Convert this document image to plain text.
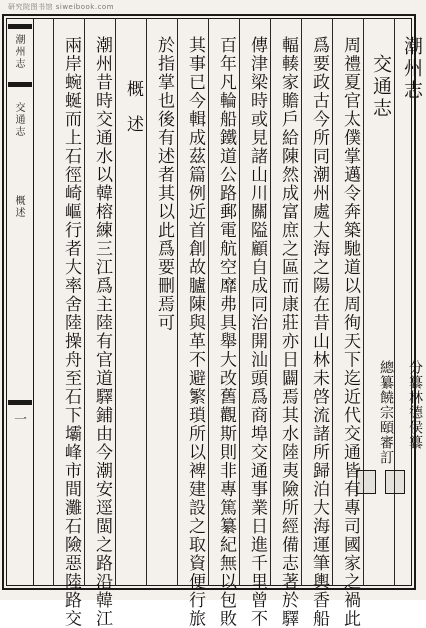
研究院图书馆 siweibook.com
潮州志
交通志
概述
一
潮州志
交通志
周禮夏官太僕掌邁令奔築馳道以周徇天下迄近代交通皆有專司國家之禍此
爲要政古今所同潮州處大海之陽在昔山林未啓流諸所歸泊大海運筆輿香船
輻輳家贍戶給陳然成富庶之區而康莊亦日闢焉其水陸夷險所經備志著於驛
傳津梁時或見諸山川關隘顧自成同治開汕頭爲商埠交通事業日進千里曾不
百年凡輪船鐵道公路郵電航空靡弗具舉大改舊觀斯則非專篤纂紀無以包敗
其事已今輯成茲篇例近首創故臚陳與革不避繁瑣所以裨建設之取資便行旅
於指掌也後有述者其以此爲要刪焉可
概述
潮州昔時交通水以韓榕練三江爲主陸有官道驛鋪由今潮安逕閩之路沿韓江
兩岸蜿蜒而上石徑崎嶇行者大率舍陸操舟至石下壩峰市間灘石險惡陸路交	總纂饒宗頤審訂 分纂林德侯纂
